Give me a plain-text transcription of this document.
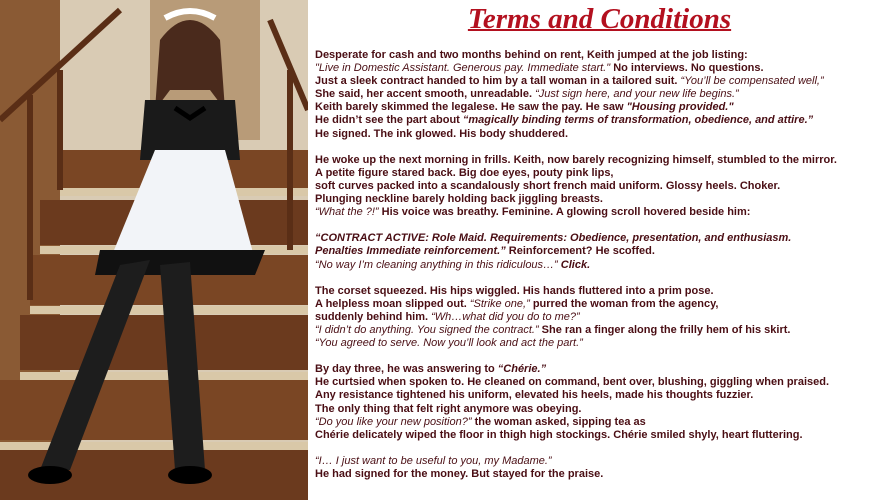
Terms and Conditions
Desperate for cash and two months behind on rent, Keith jumped at the job listing:
"Live in Domestic Assistant. Generous pay. Immediate start." No interviews. No questions.
Just a sleek contract handed to him by a tall woman in a tailored suit. “You’ll be compensated well,”
She said, her accent smooth, unreadable. “Just sign here, and your new life begins.”
Keith barely skimmed the legalese. He saw the pay. He saw "Housing provided."
He didn’t see the part about “magically binding terms of transformation, obedience, and attire.”
He signed. The ink glowed. His body shuddered.
He woke up the next morning in frills. Keith, now barely recognizing himself, stumbled to the mirror.
A petite figure stared back. Big doe eyes, pouty pink lips,
soft curves packed into a scandalously short french maid uniform. Glossy heels. Choker.
Plunging neckline barely holding back jiggling breasts.
“What the ?!” His voice was breathy. Feminine. A glowing scroll hovered beside him:
“CONTRACT ACTIVE: Role Maid. Requirements: Obedience, presentation, and enthusiasm.
Penalties Immediate reinforcement.” Reinforcement? He scoffed.
“No way I’m cleaning anything in this ridiculous…” Click.
The corset squeezed. His hips wiggled. His hands fluttered into a prim pose.
A helpless moan slipped out. “Strike one,” purred the woman from the agency,
suddenly behind him. “Wh…what did you do to me?”
“I didn’t do anything. You signed the contract.” She ran a finger along the frilly hem of his skirt.
“You agreed to serve. Now you’ll look and act the part.”
By day three, he was answering to “Chérie.”
He curtsied when spoken to. He cleaned on command, bent over, blushing, giggling when praised.
Any resistance tightened his uniform, elevated his heels, made his thoughts fuzzier.
The only thing that felt right anymore was obeying.
“Do you like your new position?” the woman asked, sipping tea as
Chérie delicately wiped the floor in thigh high stockings. Chérie smiled shyly, heart fluttering.
“I… I just want to be useful to you, my Madame.”
He had signed for the money. But stayed for the praise.
